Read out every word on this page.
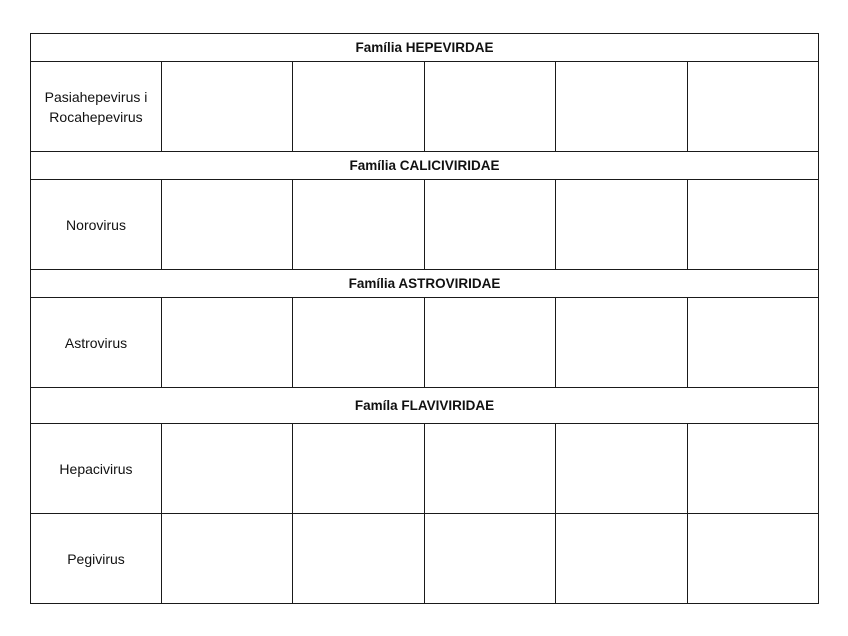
Família HEPEVIRDAE					
Pasiahepevirus i
Rocahepevirus					
Família CALICIVIRIDAE					
Norovirus					
Família ASTROVIRIDAE					
Astrovirus					
Famíla FLAVIVIRIDAE					
Hepacivirus					
Pegivirus					
